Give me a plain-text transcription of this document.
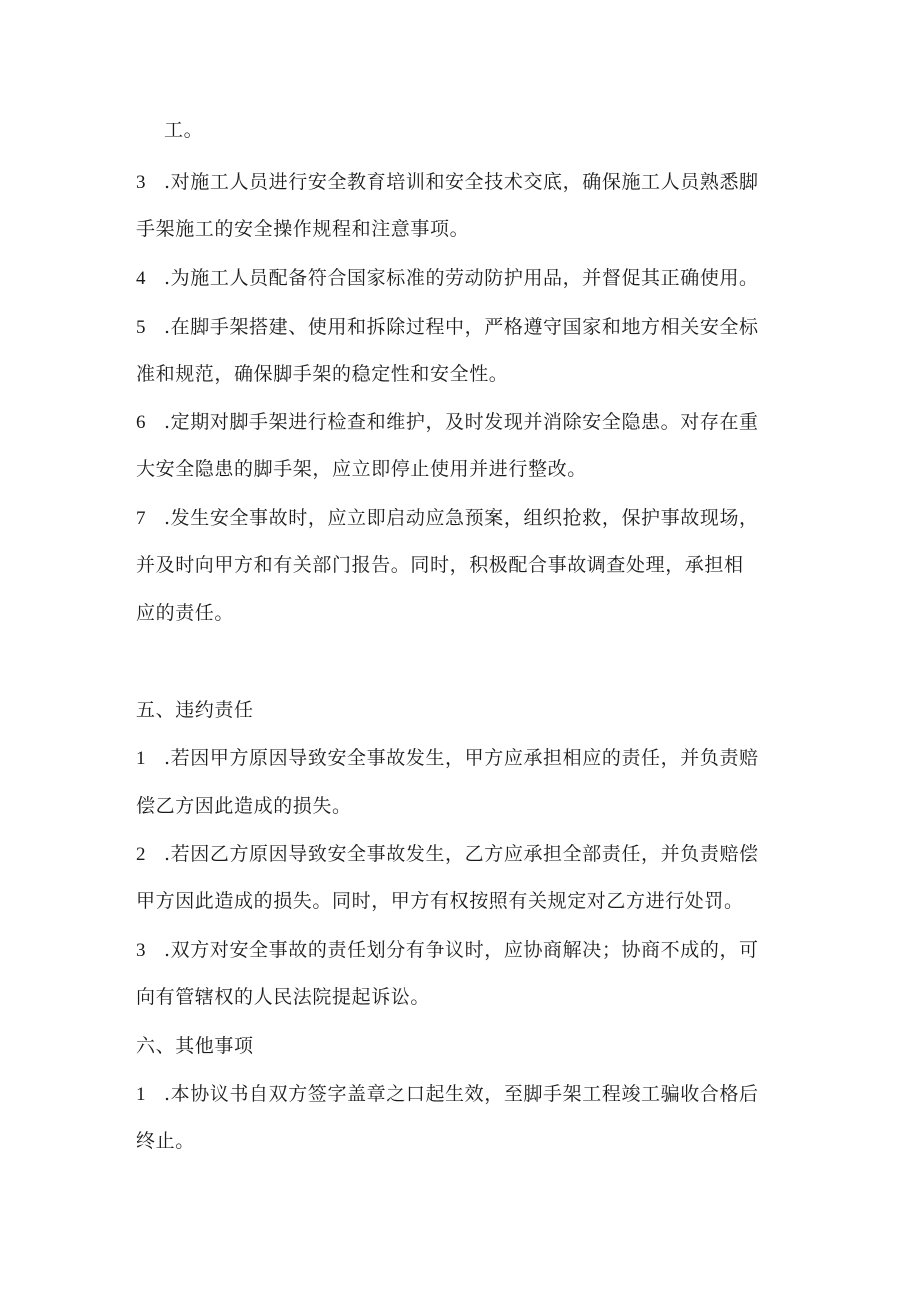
工。
3 .对施工人员进行安全教育培训和安全技术交底，确保施工人员熟悉脚
手架施工的安全操作规程和注意事项。
4 .为施工人员配备符合国家标准的劳动防护用品，并督促其正确使用。
5 .在脚手架搭建、使用和拆除过程中，严格遵守国家和地方相关安全标
准和规范，确保脚手架的稳定性和安全性。
6 .定期对脚手架进行检查和维护，及时发现并消除安全隐患。对存在重
大安全隐患的脚手架，应立即停止使用并进行整改。
7 .发生安全事故时，应立即启动应急预案，组织抢救，保护事故现场，
并及时向甲方和有关部门报告。同时，积极配合事故调查处理，承担相
应的责任。
五、违约责任
1 .若因甲方原因导致安全事故发生，甲方应承担相应的责任，并负责赔
偿乙方因此造成的损失。
2 .若因乙方原因导致安全事故发生，乙方应承担全部责任，并负责赔偿
甲方因此造成的损失。同时，甲方有权按照有关规定对乙方进行处罚。
3 .双方对安全事故的责任划分有争议时，应协商解决；协商不成的，可
向有管辖权的人民法院提起诉讼。
六、其他事项
1 .本协议书自双方签字盖章之口起生效，至脚手架工程竣工骗收合格后
终止。
